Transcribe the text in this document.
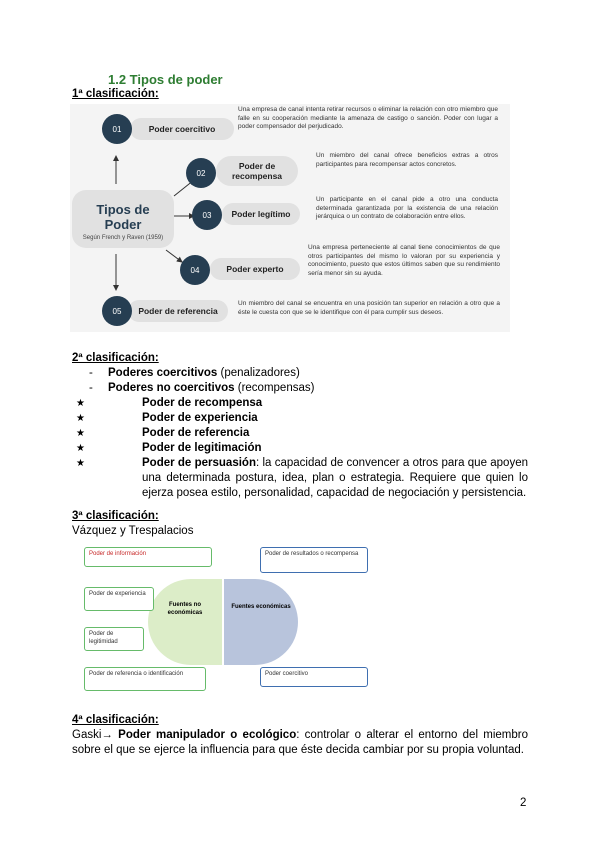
1.2 Tipos de poder
1ª clasificación:
Tipos de
Poder
Según French y Raven (1959)
Poder coercitivo
01
Una empresa de canal intenta retirar recursos o eliminar la relación con otro miembro que falle en su cooperación mediante la amenaza de castigo o sanción. Poder con lugar a poder compensador del perjudicado.
Poder de recompensa
02
Un miembro del canal ofrece beneficios extras a otros participantes para recompensar actos concretos.
Poder legítimo
03
Un participante en el canal pide a otro una conducta determinada garantizada por la existencia de una relación jerárquica o un contrato de colaboración entre ellos.
Poder experto
04
Una empresa perteneciente al canal tiene conocimientos de que otros participantes del mismo lo valoran por su experiencia y conocimiento, puesto que estos últimos saben que su rendimiento sería menor sin su ayuda.
Poder de referencia
05
Un miembro del canal se encuentra en una posición tan superior en relación a otro que a éste le cuesta con que se le identifique con él para cumplir sus deseos.
2ª clasificación:
- Poderes coercitivos (penalizadores)
- Poderes no coercitivos (recompensas)
★ Poder de recompensa
★ Poder de experiencia
★ Poder de referencia
★ Poder de legitimación
★ Poder de persuasión: la capacidad de convencer a otros para que apoyen una determinada postura, idea, plan o estrategia. Requiere que quien lo ejerza posea estilo, personalidad, capacidad de negociación y persistencia.
3ª clasificación:
Vázquez y Trespalacios
Fuentes no económicas
Fuentes económicas
Poder de información
Poder de experiencia
Poder de legitimidad
Poder de referencia o identificación
Poder de resultados o recompensa
Poder coercitivo
4ª clasificación:
Gaski→ Poder manipulador o ecológico: controlar o alterar el entorno del miembro sobre el que se ejerce la influencia para que éste decida cambiar por su propia voluntad.
2
